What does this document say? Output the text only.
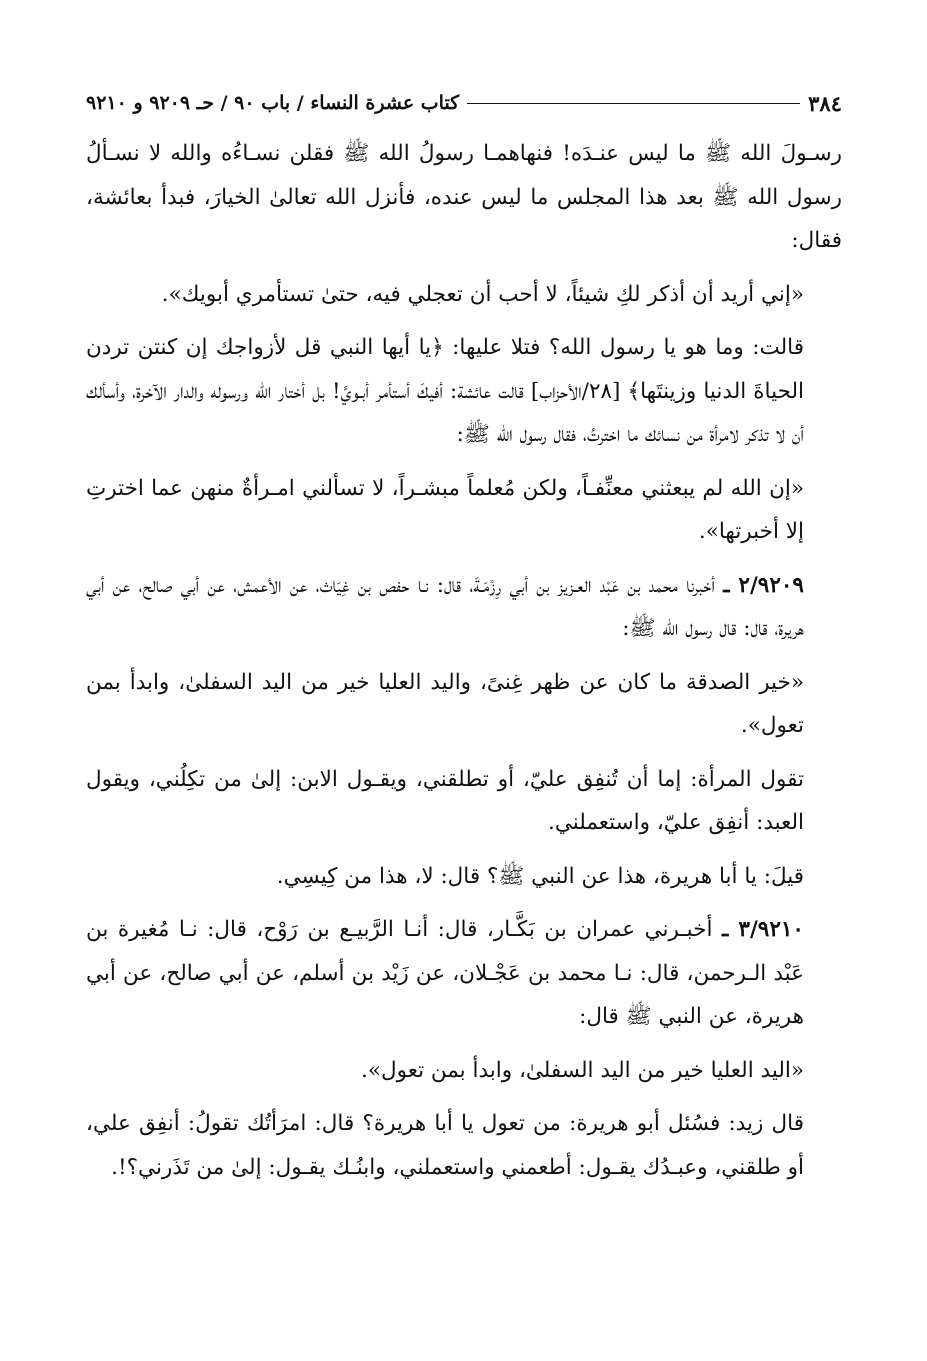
٣٨٤
كتاب عشرة النساء / باب ٩٠ / حـ ٩٢٠٩ و ٩٢١٠

رسـولَ الله ﷺ ما ليس عنـدَه! فنهاهمـا رسولُ الله ﷺ فقلن نسـاءُه والله لا نسـألُ رسول الله ﷺ بعد هذا المجلس ما ليس عنده، فأنزل الله تعالىٰ الخيارَ، فبدأ بعائشة، فقال:

«إني أريد أن أذكر لكِ شيئاً، لا أحب أن تعجلي فيه، حتىٰ تستأمري أبويك».

قالت: وما هو يا رسول الله؟ فتلا عليها: ﴿يا أيها النبي قل لأزواجك إن كنتن تردن الحياةَ الدنيا وزينتَها﴾ [٢٨/الأحزاب] قالت عائشة: أفيكَ أستأمر أبـويَّ! بل أختار الله ورسوله والدار الآخرة، وأسألك أن لا تذكر لامرأة من نسائك ما اخترتُ، فقال رسول الله ﷺ:

«إن الله لم يبعثني معنِّفـاً، ولكن مُعلماً مبشـراً، لا تسألني امـرأةٌ منهن عما اخترتِ إلا أخبرتها».

٢/٩٢٠٩ ـ أخبرنا محمد بن عَبْد العـزيز بن أبي رِزْمَـةَ، قال: نـا حفص بن غِيَاث، عن الأعمش، عن أبي صالح، عن أبي هريرة، قال: قال رسول الله ﷺ:

«خير الصدقة ما كان عن ظهر غِنىً، واليد العليا خير من اليد السفلىٰ، وابدأ بمن تعول».

تقول المرأة: إما أن تُنفِق عليّ، أو تطلقني، ويقـول الابن: إلىٰ من تكِلُني، ويقول العبد: أنفِق عليّ، واستعملني.

قيلَ: يا أبا هريرة، هذا عن النبي ﷺ؟ قال: لا، هذا من كِيسِي.

٣/٩٢١٠ ـ أخبـرني عمران بن بَكَّـار، قال: أنـا الرَّبيـع بن رَوْح، قال: نـا مُغيرة بن عَبْد الـرحمن، قال: نـا محمد بن عَجْـلان، عن زَيْد بن أسلم، عن أبي صالح، عن أبي هريرة، عن النبي ﷺ قال:

«اليد العليا خير من اليد السفلىٰ، وابدأ بمن تعول».

قال زيد: فسُئل أبو هريرة: من تعول يا أبا هريرة؟ قال: امرَأتُك تقولُ: أنفِق علي، أو طلقني، وعبـدُك يقـول: أطعمني واستعملني، وابنُـك يقـول: إلىٰ من تَذَرني؟!.
